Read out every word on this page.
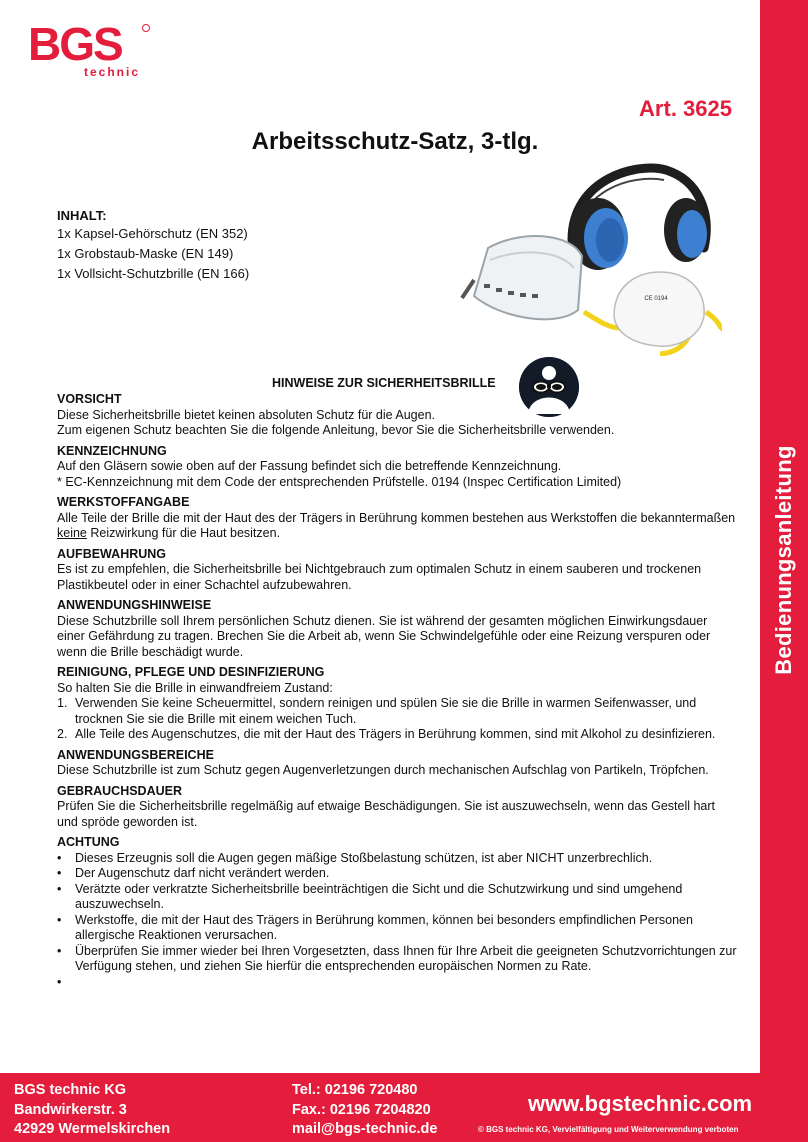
Bedienungsanleitung
BGS
technic
Art. 3625
Arbeitsschutz-Satz, 3-tlg.
INHALT:
1x Kapsel-Gehörschutz (EN 352)
1x Grobstaub-Maske (EN 149)
1x Vollsicht-Schutzbrille (EN 166)
CE 0194
HINWEISE ZUR SICHERHEITSBRILLE
VORSICHT

Diese Sicherheitsbrille bietet keinen absoluten Schutz für die Augen.

Zum eigenen Schutz beachten Sie die folgende Anleitung, bevor Sie die Sicherheitsbrille verwenden.

KENNZEICHNUNG

Auf den Gläsern sowie oben auf der Fassung befindet sich die betreffende Kennzeichnung.

* EC-Kennzeichnung mit dem Code der entsprechenden Prüfstelle. 0194 (Inspec Certification Limited)

WERKSTOFFANGABE

Alle Teile der Brille die mit der Haut des der Trägers in Berührung kommen bestehen aus Werkstoffen die bekanntermaßen keine Reizwirkung für die Haut besitzen.

AUFBEWAHRUNG

Es ist zu empfehlen, die Sicherheitsbrille bei Nichtgebrauch zum optimalen Schutz in einem sauberen und trockenen Plastikbeutel oder in einer Schachtel aufzubewahren.

ANWENDUNGSHINWEISE

Diese Schutzbrille soll Ihrem persönlichen Schutz dienen. Sie ist während der gesamten möglichen Einwirkungsdauer einer Gefährdung zu tragen. Brechen Sie die Arbeit ab, wenn Sie Schwindelgefühle oder eine Reizung verspuren oder wenn die Brille beschädigt wurde.

REINIGUNG, PFLEGE UND DESINFIZIERUNG

So halten Sie die Brille in einwandfreiem Zustand:

1. Verwenden Sie keine Scheuermittel, sondern reinigen und spülen Sie sie die Brille in warmen Seifenwasser, und trocknen Sie sie die Brille mit einem weichen Tuch.
2. Alle Teile des Augenschutzes, die mit der Haut des Trägers in Berührung kommen, sind mit Alkohol zu desinfizieren.
ANWENDUNGSBEREICHE

Diese Schutzbrille ist zum Schutz gegen Augenverletzungen durch mechanischen Aufschlag von Partikeln, Tröpfchen.

GEBRAUCHSDAUER

Prüfen Sie die Sicherheitsbrille regelmäßig auf etwaige Beschädigungen. Sie ist auszuwechseln, wenn das Gestell hart und spröde geworden ist.

ACHTUNG
• Dieses Erzeugnis soll die Augen gegen mäßige Stoßbelastung schützen, ist aber NICHT unzerbrechlich.
• Der Augenschutz darf nicht verändert werden.
• Verätzte oder verkratzte Sicherheitsbrille beeinträchtigen die Sicht und die Schutzwirkung und sind umgehend auszuwechseln.
• Werkstoffe, die mit der Haut des Trägers in Berührung kommen, können bei besonders empfindlichen Personen allergische Reaktionen verursachen.
• Überprüfen Sie immer wieder bei Ihren Vorgesetzten, dass Ihnen für Ihre Arbeit die geeigneten Schutzvorrichtungen zur Verfügung stehen, und ziehen Sie hierfür die entsprechenden europäischen Normen zu Rate.
•
BGS technic KG
Bandwirkerstr. 3
42929 Wermelskirchen
Tel.: 02196 720480
Fax.: 02196 7204820
mail@bgs-technic.de
www.bgstechnic.com
© BGS technic KG, Vervielfältigung und Weiterverwendung verboten
